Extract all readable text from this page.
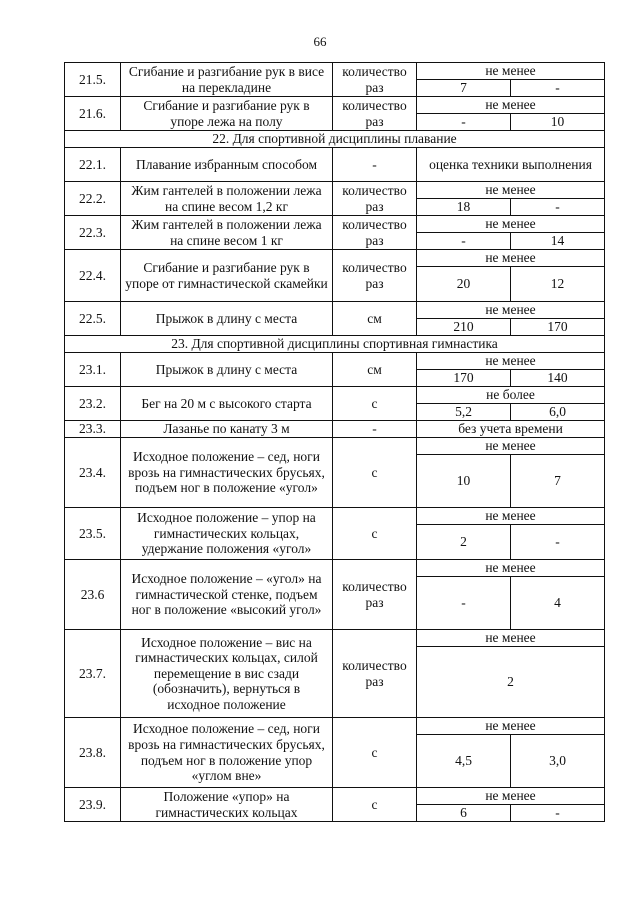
66
21.5.	Сгибание и разгибание рук в висе на перекладине	количество раз	не менее	
			7	-
21.6.	Сгибание и разгибание рук в упоре лежа на полу	количество раз	не менее	
			-	10
22. Для спортивной дисциплины плавание				
22.1.	Плавание избранным способом	-	оценка техники выполнения	
22.2.	Жим гантелей в положении лежа на спине весом 1,2 кг	количество раз	не менее	
			18	-
22.3.	Жим гантелей в положении лежа на спине весом 1 кг	количество раз	не менее	
			-	14
22.4.	Сгибание и разгибание рук в упоре от гимнастической скамейки	количество раз	не менее	
			20	12
22.5.	Прыжок в длину с места	см	не менее	
			210	170
23. Для спортивной дисциплины спортивная гимнастика				
23.1.	Прыжок в длину с места	см	не менее	
			170	140
23.2.	Бег на 20 м с высокого старта	с	не более	
			5,2	6,0
23.3.	Лазанье по канату 3 м	-	без учета времени	
23.4.	Исходное положение – сед, ноги врозь на гимнастических брусьях, подъем ног в положение «угол»	с	не менее	
			10	7
23.5.	Исходное положение – упор на гимнастических кольцах, удержание положения «угол»	с	не менее	
			2	-
23.6	Исходное положение – «угол» на гимнастической стенке, подъем ног в положение «высокий угол»	количество раз	не менее	
			-	4
23.7.	Исходное положение – вис на гимнастических кольцах, силой перемещение в вис сзади (обозначить), вернуться в исходное положение	количество раз	не менее	
			2	
23.8.	Исходное положение – сед, ноги врозь на гимнастических брусьях, подъем ног в положение упор «углом вне»	с	не менее	
			4,5	3,0
23.9.	Положение «упор» на гимнастических кольцах	с	не менее	
			6	-
